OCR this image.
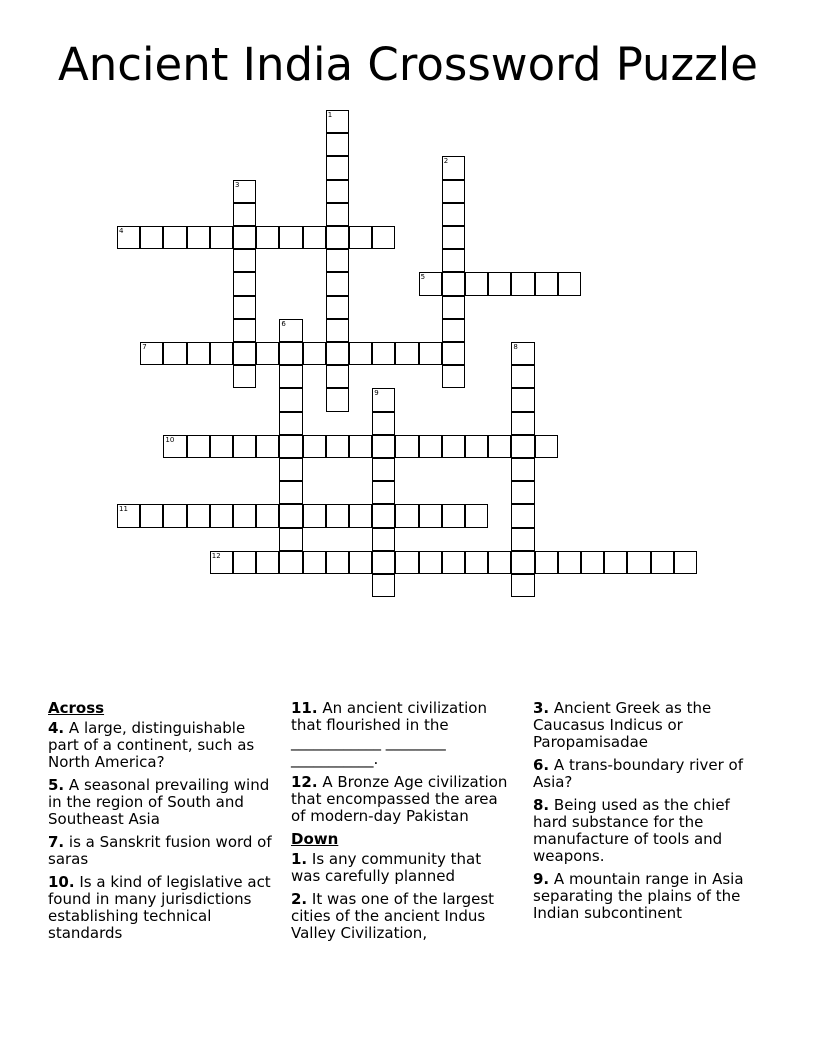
Ancient India Crossword Puzzle
1
2
3
4
5
6
7	8
9
10
11
12
Across
4. A large, distinguishable part of a continent, such as North America?
5. A seasonal prevailing wind in the region of South and Southeast Asia
7. is a Sanskrit fusion word of saras
10. Is a kind of legislative act found in many jurisdictions establishing technical standards
11. An ancient civilization that flourished in the ____________ ________ ___________.
12. A Bronze Age civilization that encompassed the area of modern-day Pakistan
Down
1. Is any community that was carefully planned
2. It was one of the largest cities of the ancient Indus Valley Civilization,
3. Ancient Greek as the Caucasus Indicus or Paropamisadae
6. A trans-boundary river of Asia?
8. Being used as the chief hard substance for the manufacture of tools and weapons.
9. A mountain range in Asia separating the plains of the Indian subcontinent
